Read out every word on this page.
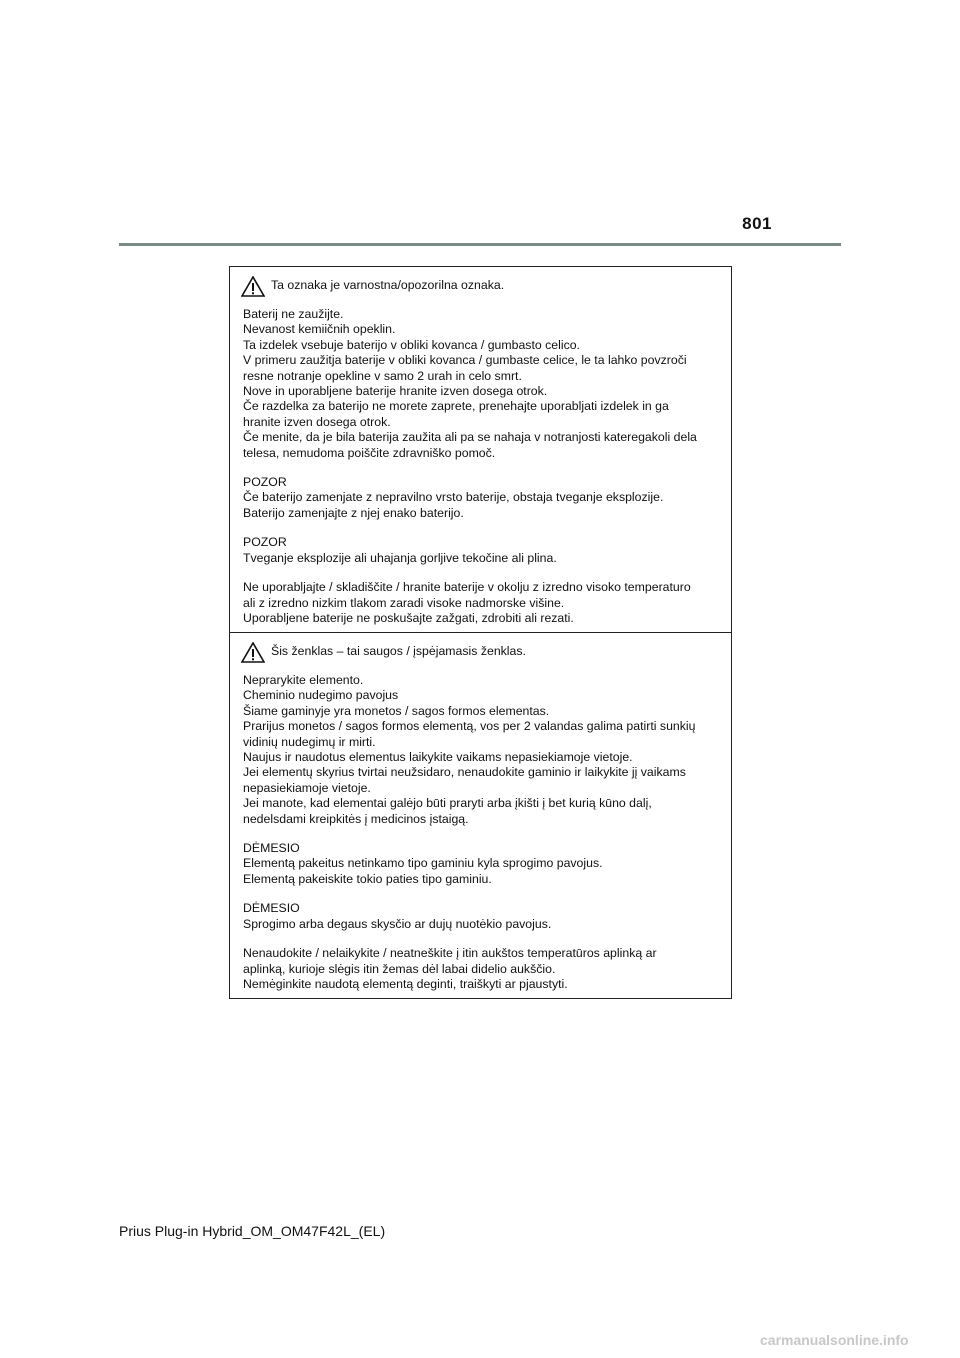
801
Ta oznaka je varnostna/opozorilna oznaka.

Baterij ne zaužijte.

Nevanost kemiičnih opeklin.

Ta izdelek vsebuje baterijo v obliki kovanca / gumbasto celico.

V primeru zaužitja baterije v obliki kovanca / gumbaste celice, le ta lahko povzroči

resne notranje opekline v samo 2 urah in celo smrt.

Nove in uporabljene baterije hranite izven dosega otrok.

Če razdelka za baterijo ne morete zaprete, prenehajte uporabljati izdelek in ga

hranite izven dosega otrok.

Če menite, da je bila baterija zaužita ali pa se nahaja v notranjosti kateregakoli dela

telesa, nemudoma poiščite zdravniško pomoč.

POZOR

Če baterijo zamenjate z nepravilno vrsto baterije, obstaja tveganje eksplozije.

Baterijo zamenjajte z njej enako baterijo.

POZOR

Tveganje eksplozije ali uhajanja gorljive tekočine ali plina.

Ne uporabljajte / skladiščite / hranite baterije v okolju z izredno visoko temperaturo

ali z izredno nizkim tlakom zaradi visoke nadmorske višine.

Uporabljene baterije ne poskušajte zažgati, zdrobiti ali rezati.

Šis ženklas – tai saugos / įspėjamasis ženklas.

Neprarykite elemento.

Cheminio nudegimo pavojus

Šiame gaminyje yra monetos / sagos formos elementas.

Prarijus monetos / sagos formos elementą, vos per 2 valandas galima patirti sunkių

vidinių nudegimų ir mirti.

Naujus ir naudotus elementus laikykite vaikams nepasiekiamoje vietoje.

Jei elementų skyrius tvirtai neužsidaro, nenaudokite gaminio ir laikykite jį vaikams

nepasiekiamoje vietoje.

Jei manote, kad elementai galėjo būti praryti arba įkišti į bet kurią kūno dalį,

nedelsdami kreipkitės į medicinos įstaigą.

DĖMESIO

Elementą pakeitus netinkamo tipo gaminiu kyla sprogimo pavojus.

Elementą pakeiskite tokio paties tipo gaminiu.

DĖMESIO

Sprogimo arba degaus skysčio ar dujų nuotėkio pavojus.

Nenaudokite / nelaikykite / neatneškite į itin aukštos temperatūros aplinką ar

aplinką, kurioje slėgis itin žemas dėl labai didelio aukščio.

Nemėginkite naudotą elementą deginti, traiškyti ar pjaustyti.

Prius Plug-in Hybrid_OM_OM47F42L_(EL)
carmanualsonline.info
